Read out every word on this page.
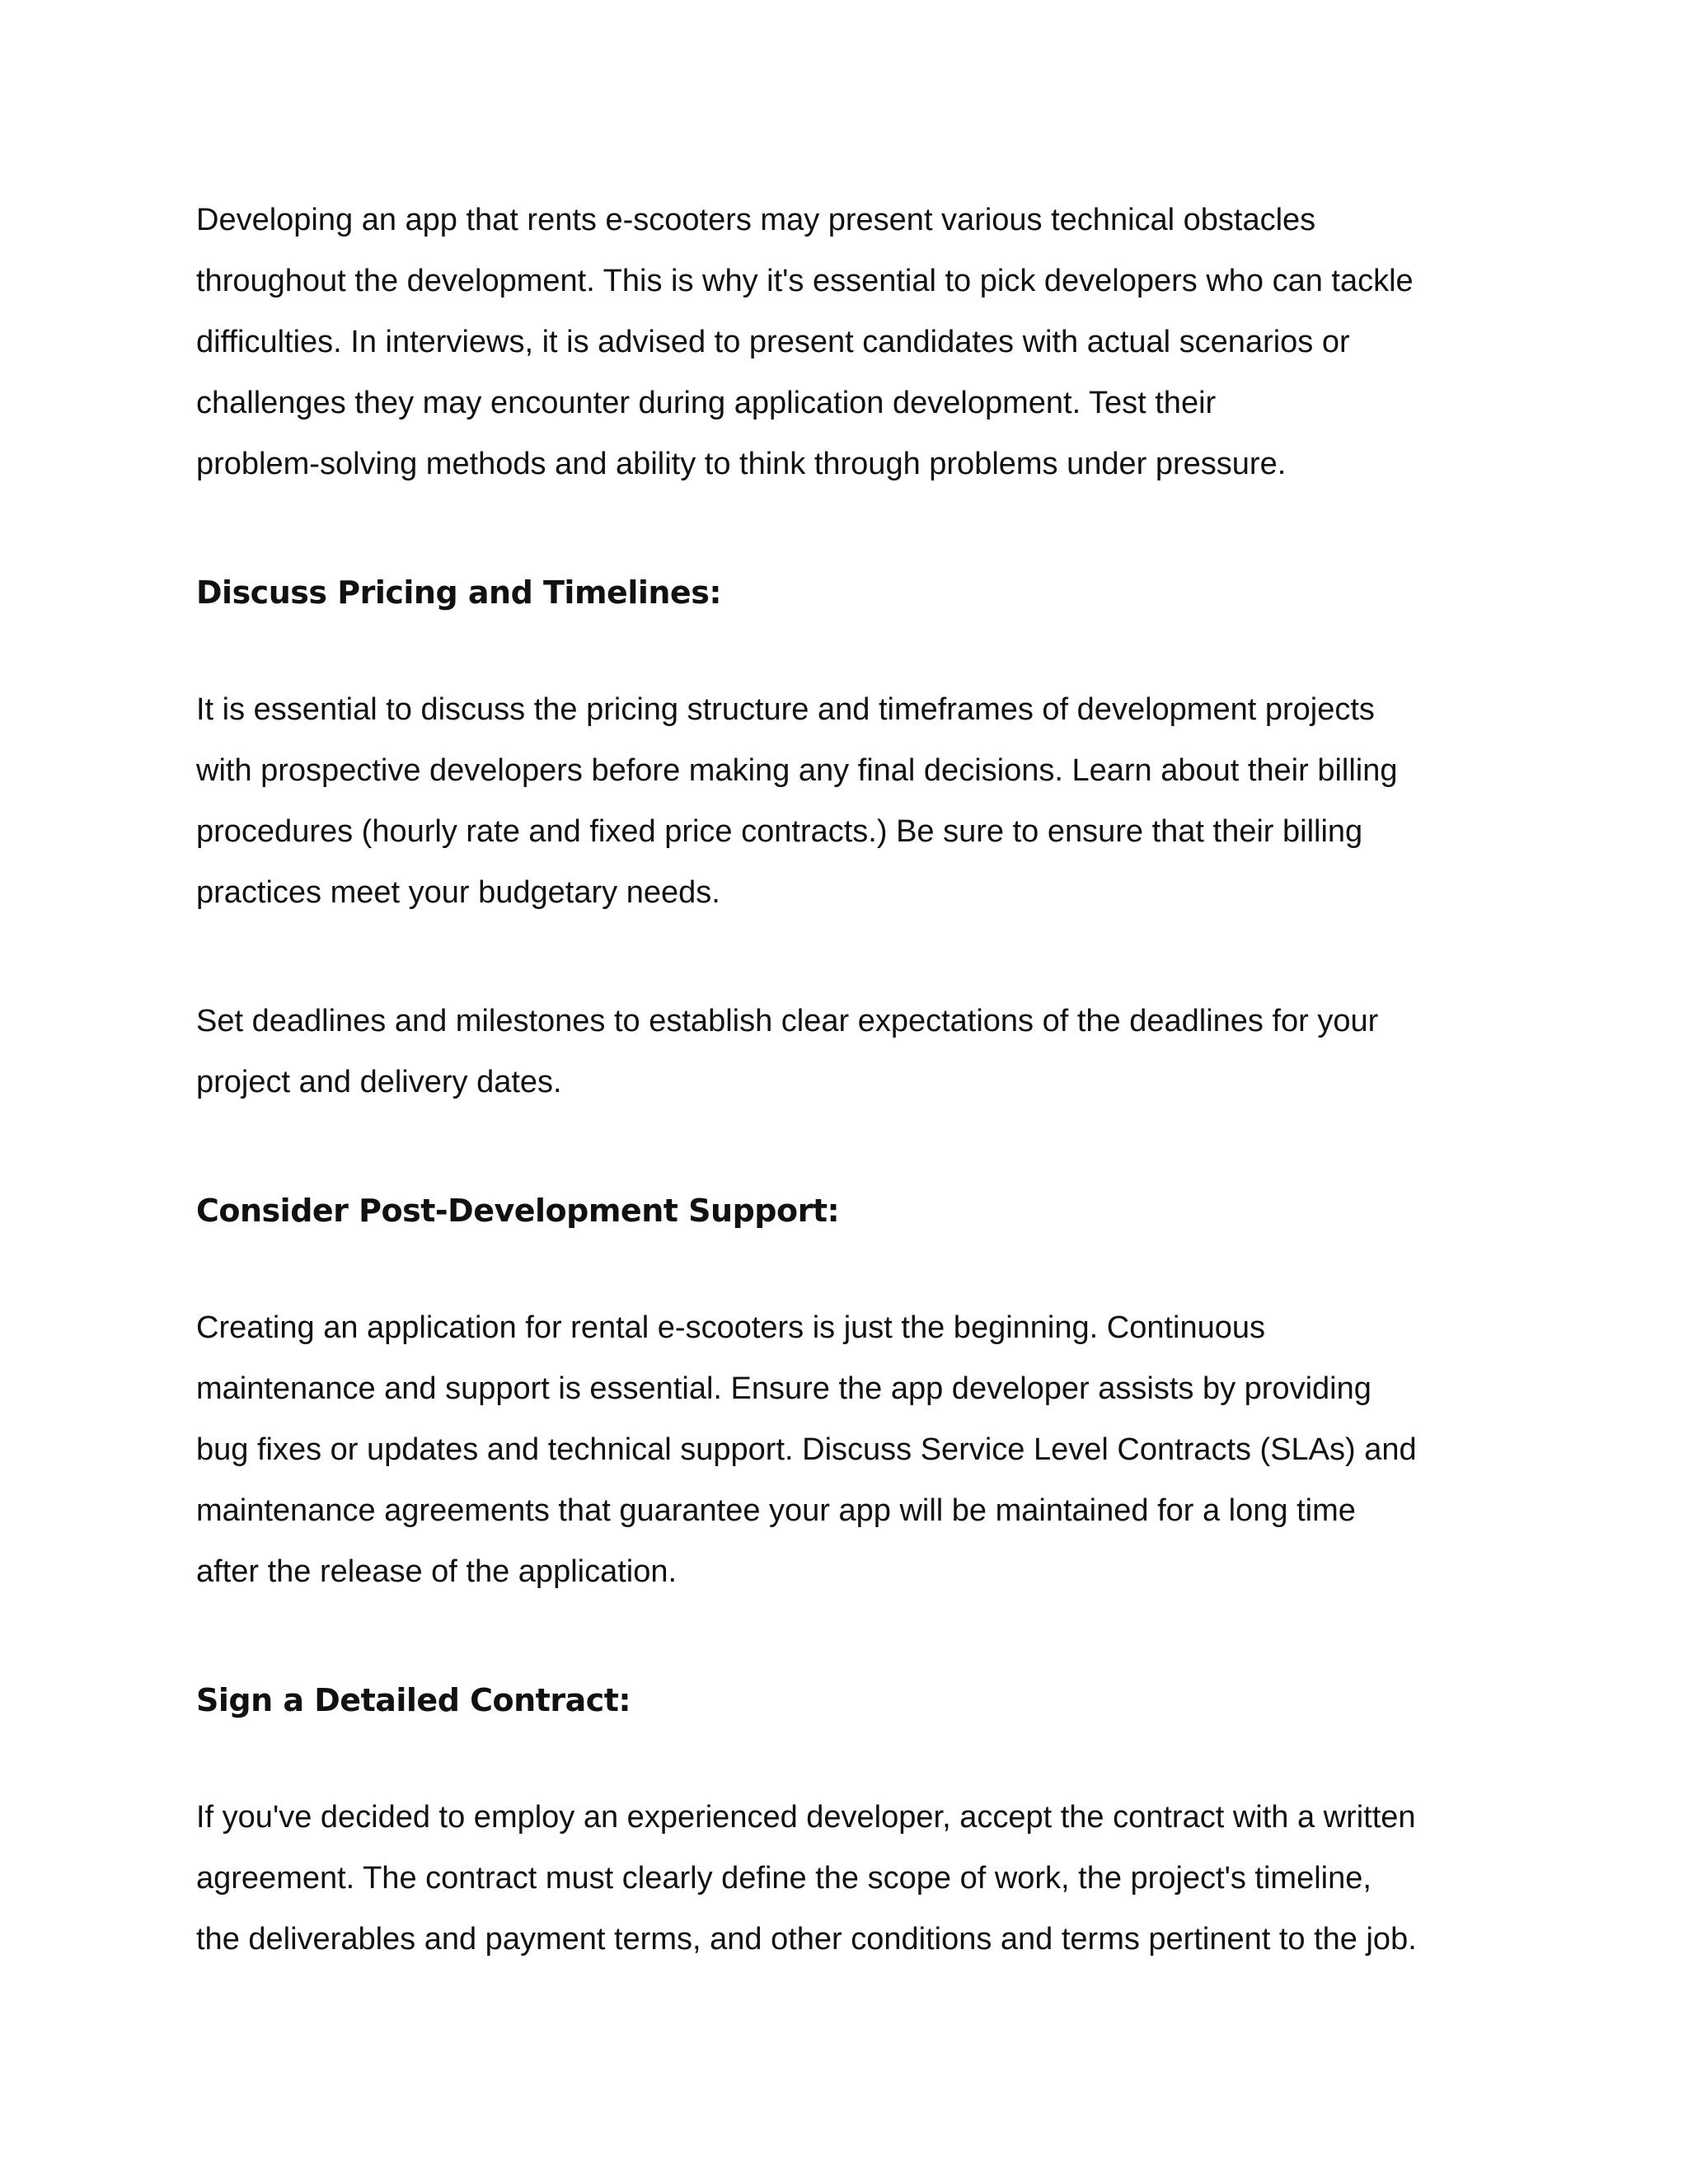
Developing an app that rents e-scooters may present various technical obstacles
throughout the development. This is why it's essential to pick developers who can tackle
difficulties. In interviews, it is advised to present candidates with actual scenarios or
challenges they may encounter during application development. Test their
problem-solving methods and ability to think through problems under pressure.

Discuss Pricing and Timelines:

It is essential to discuss the pricing structure and timeframes of development projects
with prospective developers before making any final decisions. Learn about their billing
procedures (hourly rate and fixed price contracts.) Be sure to ensure that their billing
practices meet your budgetary needs.

Set deadlines and milestones to establish clear expectations of the deadlines for your
project and delivery dates.

Consider Post-Development Support:

Creating an application for rental e-scooters is just the beginning. Continuous
maintenance and support is essential. Ensure the app developer assists by providing
bug fixes or updates and technical support. Discuss Service Level Contracts (SLAs) and
maintenance agreements that guarantee your app will be maintained for a long time
after the release of the application.

Sign a Detailed Contract:

If you've decided to employ an experienced developer, accept the contract with a written
agreement. The contract must clearly define the scope of work, the project's timeline,
the deliverables and payment terms, and other conditions and terms pertinent to the job.
